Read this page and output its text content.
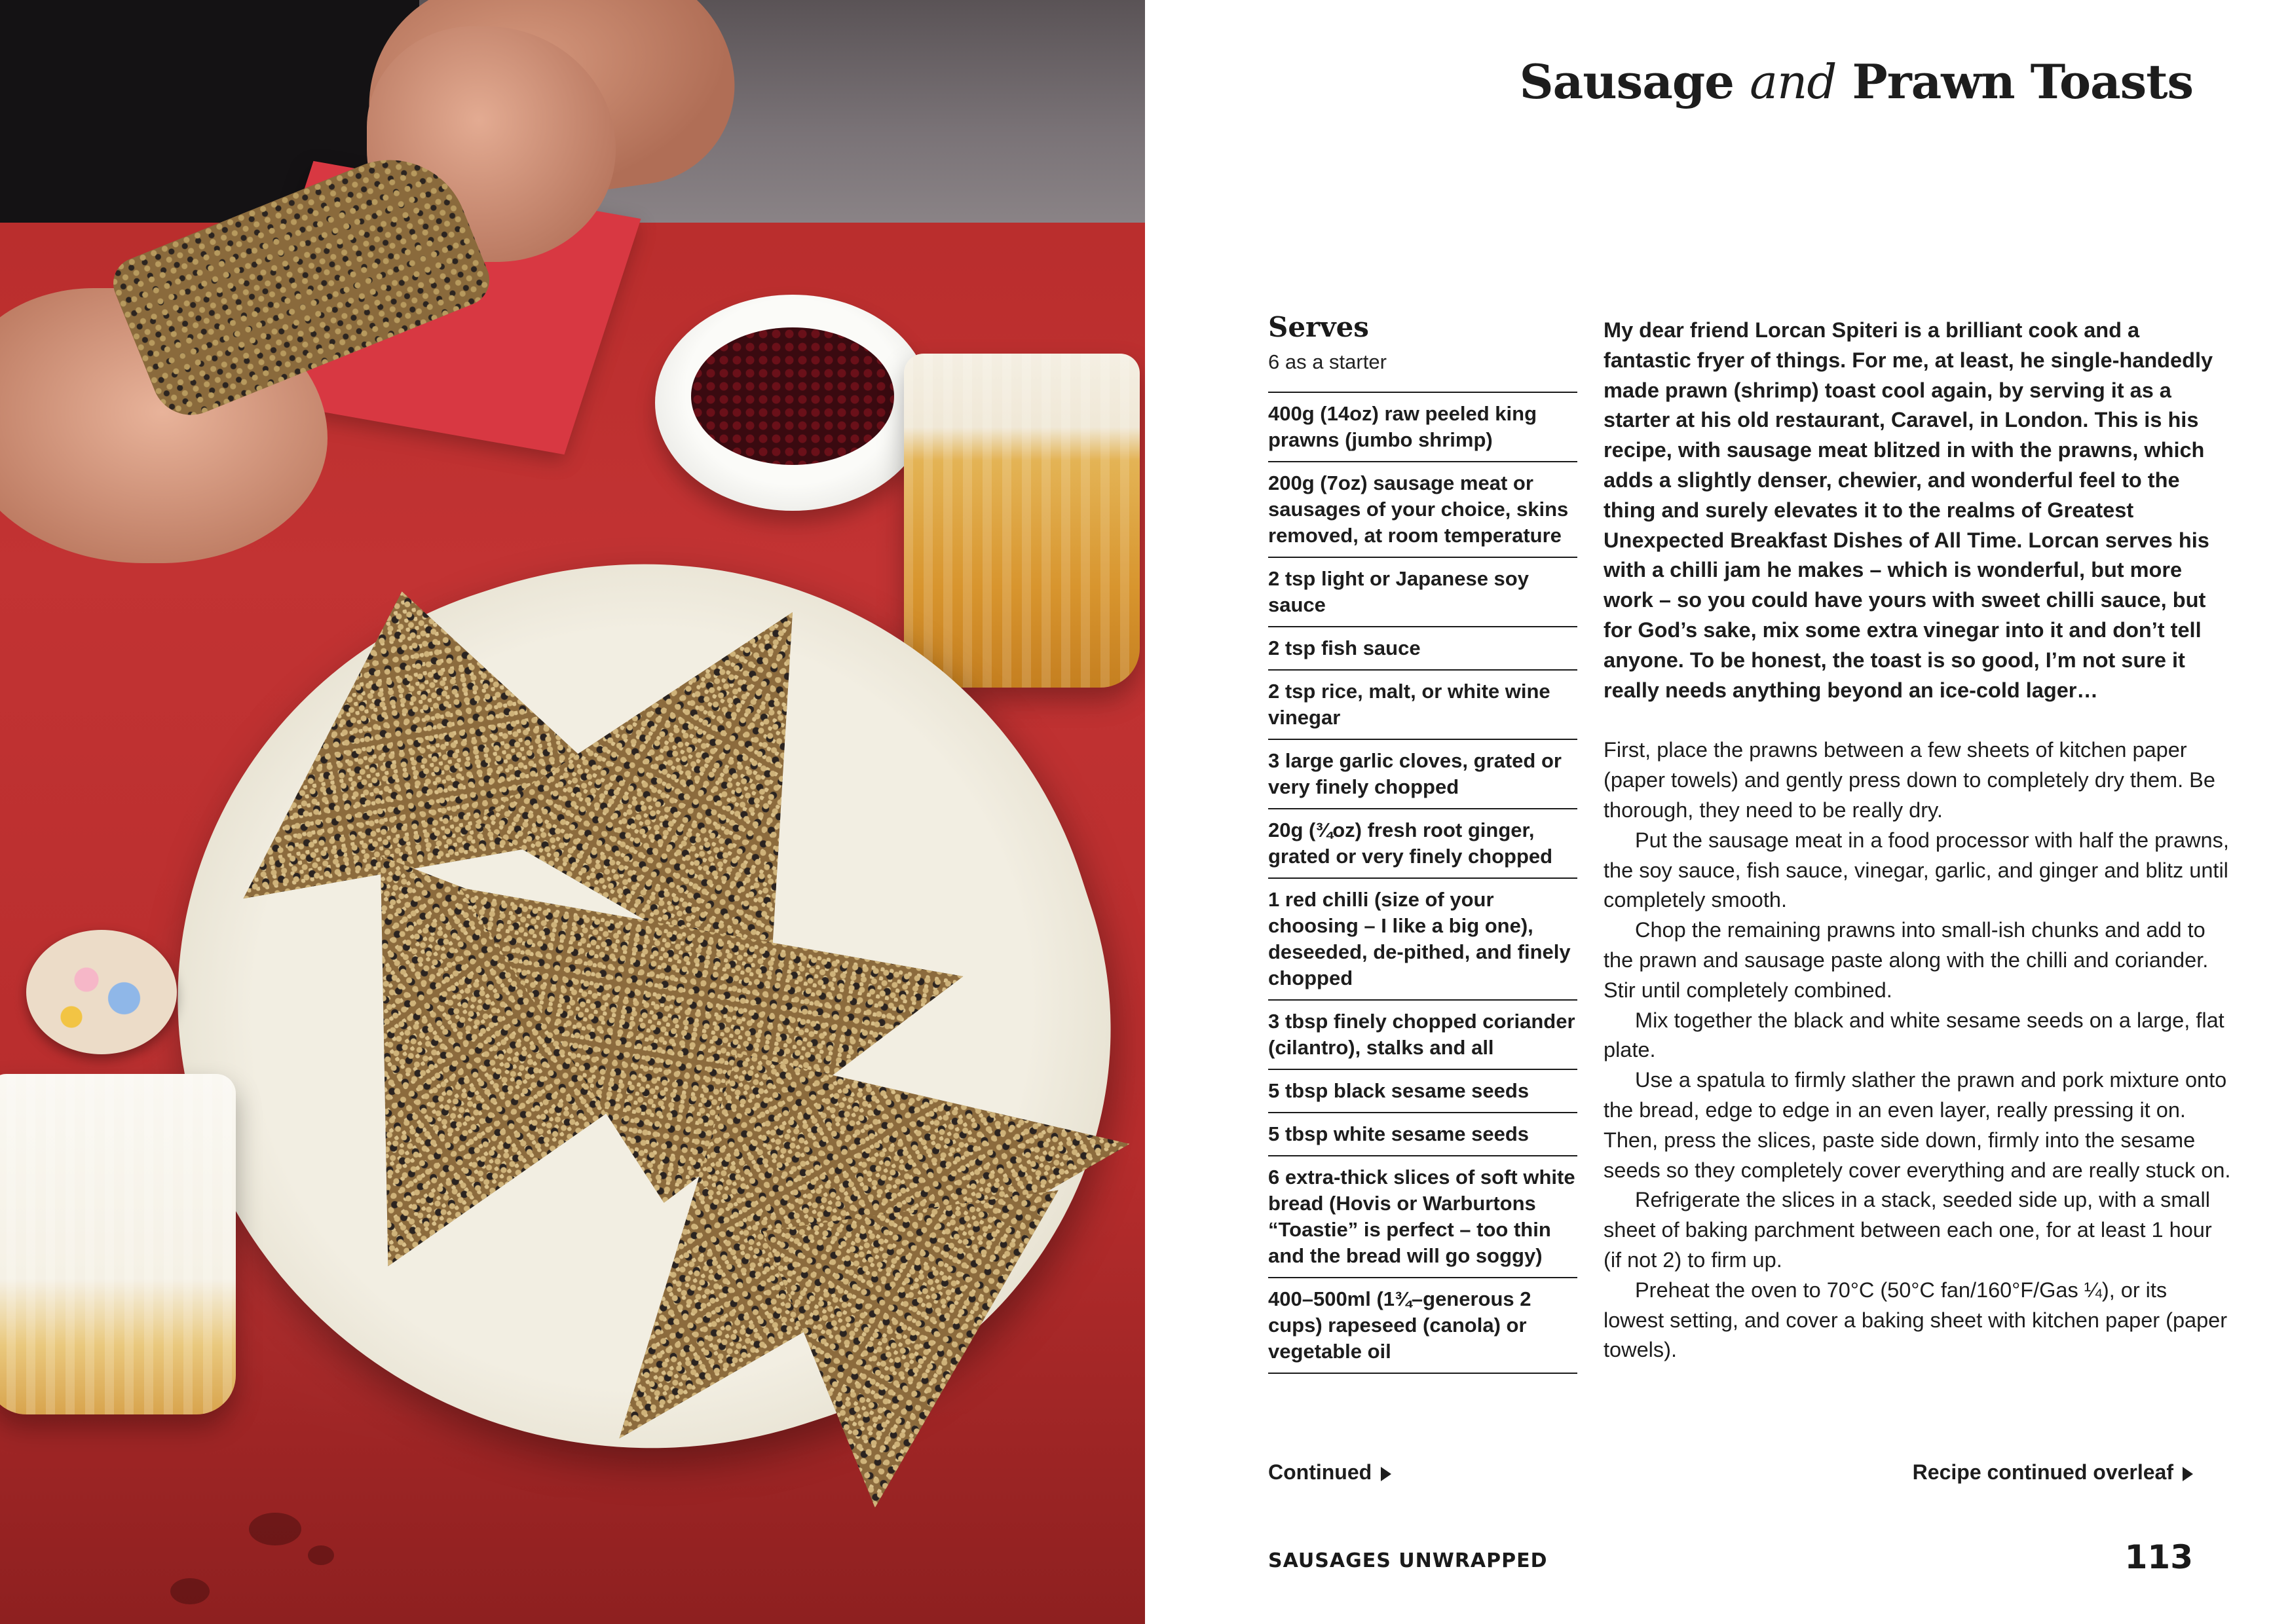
Sausage and Prawn Toasts
Serves

6 as a starter

400g (14oz) raw peeled king prawns (jumbo shrimp)
200g (7oz) sausage meat or sausages of your choice, skins removed, at room temperature
2 tsp light or Japanese soy sauce
2 tsp fish sauce
2 tsp rice, malt, or white wine vinegar
3 large garlic cloves, grated or very finely chopped
20g (¾oz) fresh root ginger, grated or very finely chopped
1 red chilli (size of your choosing – I like a big one), deseeded, de-pithed, and finely chopped
3 tbsp finely chopped coriander (cilantro), stalks and all
5 tbsp black sesame seeds
5 tbsp white sesame seeds
6 extra-thick slices of soft white bread (Hovis or Warburtons “Toastie” is perfect – too thin and the bread will go soggy)
400–500ml (1¾–generous 2 cups) rapeseed (canola) or vegetable oil

My dear friend Lorcan Spiteri is a brilliant cook and a fantastic fryer of things. For me, at least, he single-handedly made prawn (shrimp) toast cool again, by serving it as a starter at his old restaurant, Caravel, in London. This is his recipe, with sausage meat blitzed in with the prawns, which adds a slightly denser, chewier, and wonderful feel to the thing and surely elevates it to the realms of Greatest Unexpected Breakfast Dishes of All Time. Lorcan serves his with a chilli jam he makes – which is wonderful, but more work – so you could have yours with sweet chilli sauce, but for God’s sake, mix some extra vinegar into it and don’t tell anyone. To be honest, the toast is so good, I’m not sure it really needs anything beyond an ice-cold lager…

First, place the prawns between a few sheets of kitchen paper (paper towels) and gently press down to completely dry them. Be thorough, they need to be really dry.

Put the sausage meat in a food processor with half the prawns, the soy sauce, fish sauce, vinegar, garlic, and ginger and blitz until completely smooth.

Chop the remaining prawns into small-ish chunks and add to the prawn and sausage paste along with the chilli and coriander. Stir until completely combined.

Mix together the black and white sesame seeds on a large, flat plate.

Use a spatula to firmly slather the prawn and pork mixture onto the bread, edge to edge in an even layer, really pressing it on. Then, press the slices, paste side down, firmly into the sesame seeds so they completely cover everything and are really stuck on.

Refrigerate the slices in a stack, seeded side up, with a small sheet of baking parchment between each one, for at least 1 hour (if not 2) to firm up.

Preheat the oven to 70°C (50°C fan/160°F/Gas ¼), or its lowest setting, and cover a baking sheet with kitchen paper (paper towels).

Continued	Recipe continued overleaf
SAUSAGES UNWRAPPED	113
